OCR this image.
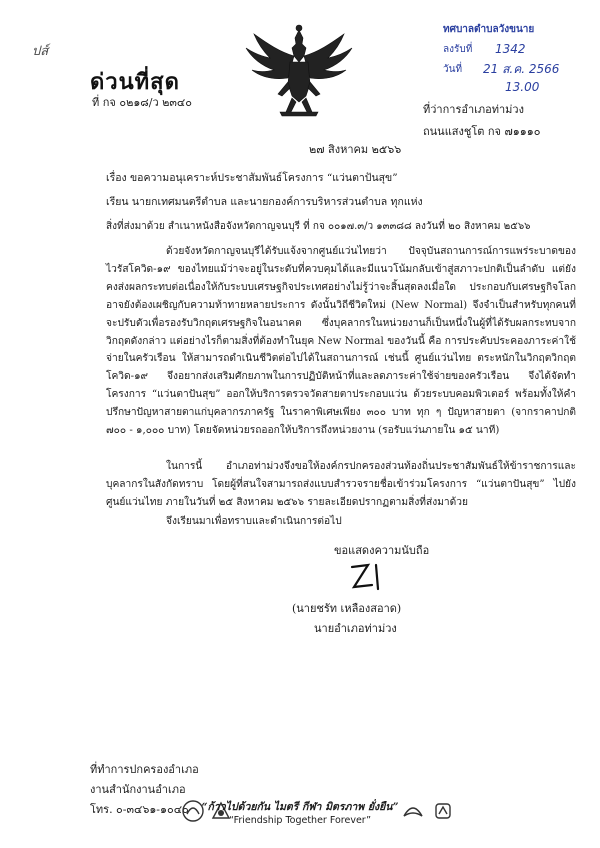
ปส์
ด่วนที่สุด
ที่ กจ ๐๒๑๘/ว ๒๓๔๐
ทศบาลตำบลวังขนาย
ลงรับที่ 1342
วันที่ 21 ส.ค. 2566
13.00
ที่ว่าการอำเภอท่าม่วง
ถนนแสงชูโต กจ ๗๑๑๑๐
๒๗ สิงหาคม ๒๕๖๖
เรื่อง ขอความอนุเคราะห์ประชาสัมพันธ์โครงการ “แว่นตาปันสุข”
เรียน นายกเทศมนตรีตำบล และนายกองค์การบริหารส่วนตำบล ทุกแห่ง
สิ่งที่ส่งมาด้วย สำเนาหนังสือจังหวัดกาญจนบุรี ที่ กจ ๐๐๑๗.๓/ว ๑๓๓๘๘ ลงวันที่ ๒๐ สิงหาคม ๒๕๖๖

ด้วยจังหวัดกาญจนบุรีได้รับแจ้งจากศูนย์แว่นไทยว่า ปัจจุบันสถานการณ์การแพร่ระบาดของไวรัสโควิด-๑๙ ของไทยแม้ว่าจะอยู่ในระดับที่ควบคุมได้และมีแนวโน้มกลับเข้าสู่สภาวะปกติเป็นลำดับ แต่ยังคงส่งผลกระทบต่อเนื่องให้กับระบบเศรษฐกิจประเทศอย่างไม่รู้ว่าจะสิ้นสุดลงเมื่อใด ประกอบกับเศรษฐกิจโลกอาจยังต้องเผชิญกับความท้าทายหลายประการ ดังนั้นวิถีชีวิตใหม่ (New Normal) จึงจำเป็นสำหรับทุกคนที่จะปรับตัวเพื่อรองรับวิกฤตเศรษฐกิจในอนาคต ซึ่งบุคลากรในหน่วยงานก็เป็นหนึ่งในผู้ที่ได้รับผลกระทบจากวิกฤตดังกล่าว แต่อย่างไรก็ตามสิ่งที่ต้องทำในยุค New Normal ของวันนี้ คือ การประคับประคองภาระค่าใช้จ่ายในครัวเรือน ให้สามารถดำเนินชีวิตต่อไปได้ในสถานการณ์ เช่นนี้ ศูนย์แว่นไทย ตระหนักในวิกฤตวิกฤตโควิด-๑๙ จึงอยากส่งเสริมศักยภาพในการปฏิบัติหน้าที่และลดภาระค่าใช้จ่ายของครัวเรือน จึงได้จัดทำโครงการ “แว่นตาปันสุข” ออกให้บริการตรวจวัดสายตาประกอบแว่น ด้วยระบบคอมพิวเตอร์ พร้อมทั้งให้คำปรึกษาปัญหาสายตาแก่บุคลากรภาครัฐ ในราคาพิเศษเพียง ๓๐๐ บาท ทุก ๆ ปัญหาสายตา (จากราคาปกติ ๗๐๐ - ๑,๐๐๐ บาท) โดยจัดหน่วยรถออกให้บริการถึงหน่วยงาน (รอรับแว่นภายใน ๑๕ นาที)

ในการนี้ อำเภอท่าม่วงจึงขอให้องค์กรปกครองส่วนท้องถิ่นประชาสัมพันธ์ให้ข้าราชการและบุคลากรในสังกัดทราบ โดยผู้ที่สนใจสามารถส่งแบบสำรวจรายชื่อเข้าร่วมโครงการ “แว่นตาปันสุข” ไปยังศูนย์แว่นไทย ภายในวันที่ ๒๕ สิงหาคม ๒๕๖๖ รายละเอียดปรากฏตามสิ่งที่ส่งมาด้วย

จึงเรียนมาเพื่อทราบและดำเนินการต่อไป

ขอแสดงความนับถือ
(นายชรัท เหลืองสอาด)
นายอำเภอท่าม่วง
ที่ทำการปกครองอำเภอ
งานสำนักงานอำเภอ
โทร. ๐-๓๔๖๑-๑๐๔๐	“ก้าวไปด้วยกัน ไมตรี กีฬา มิตรภาพ ยั่งยืน”
“Friendship Together Forever”
